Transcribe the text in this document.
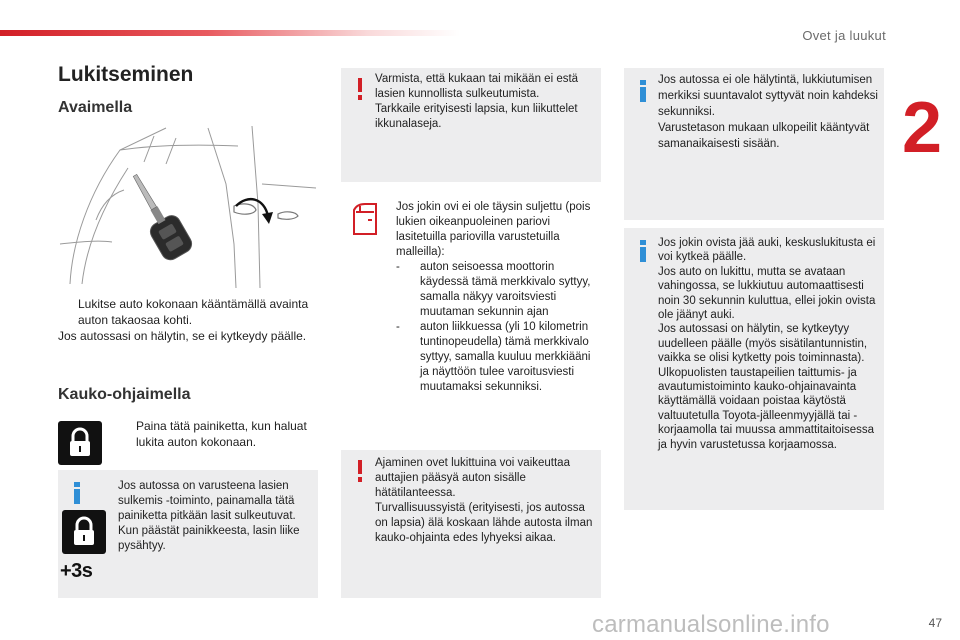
Ovet ja luukut
2
47
Lukitseminen
Avaimella
Lukitse auto kokonaan kääntämällä avainta auton takaosaa kohti.
Jos autossasi on hälytin, se ei kytkeydy päälle.
Kauko-ohjaimella
Paina tätä painiketta, kun haluat lukita auton kokonaan.
+3s
Jos autossa on varusteena lasien sulkemis -toiminto, painamalla tätä painiketta pitkään lasit sulkeutuvat. Kun päästät painikkeesta, lasin liike pysähtyy.
Varmista, että kukaan tai mikään ei estä lasien kunnollista sulkeutumista.
Tarkkaile erityisesti lapsia, kun liikuttelet ikkunalaseja.
Jos jokin ovi ei ole täysin suljettu (pois lukien oikeanpuoleinen pariovi lasitetuilla pariovilla varustetuilla malleilla):
- auton seisoessa moottorin käydessä tämä merkkivalo syttyy, samalla näkyy varoitsviesti muutaman sekunnin ajan
- auton liikkuessa (yli 10 kilometrin tuntinopeudella) tämä merkkivalo syttyy, samalla kuuluu merkkiääni ja näyttöön tulee varoitusviesti muutamaksi sekunniksi.
Ajaminen ovet lukittuina voi vaikeuttaa auttajien pääsyä auton sisälle hätätilanteessa.
Turvallisuussyistä (erityisesti, jos autossa on lapsia) älä koskaan lähde autosta ilman kauko-ohjainta edes lyhyeksi aikaa.
Jos autossa ei ole hälytintä, lukkiutumisen merkiksi suuntavalot syttyvät noin kahdeksi sekunniksi.
Varustetason mukaan ulkopeilit kääntyvät samanaikaisesti sisään.
Jos jokin ovista jää auki, keskuslukitusta ei voi kytkeä päälle.
Jos auto on lukittu, mutta se avataan vahingossa, se lukkiutuu automaattisesti noin 30 sekunnin kuluttua, ellei jokin ovista ole jäänyt auki.
Jos autossasi on hälytin, se kytkeytyy uudelleen päälle (myös sisätilantunnistin, vaikka se olisi kytketty pois toiminnasta).
Ulkopuolisten taustapeilien taittumis- ja avautumistoiminto kauko-ohjainavainta käyttämällä voidaan poistaa käytöstä valtuutetulla Toyota-jälleenmyyjällä tai -korjaamolla tai muussa ammattitaitoisessa ja hyvin varustetussa korjaamossa.
carmanualsonline.info
